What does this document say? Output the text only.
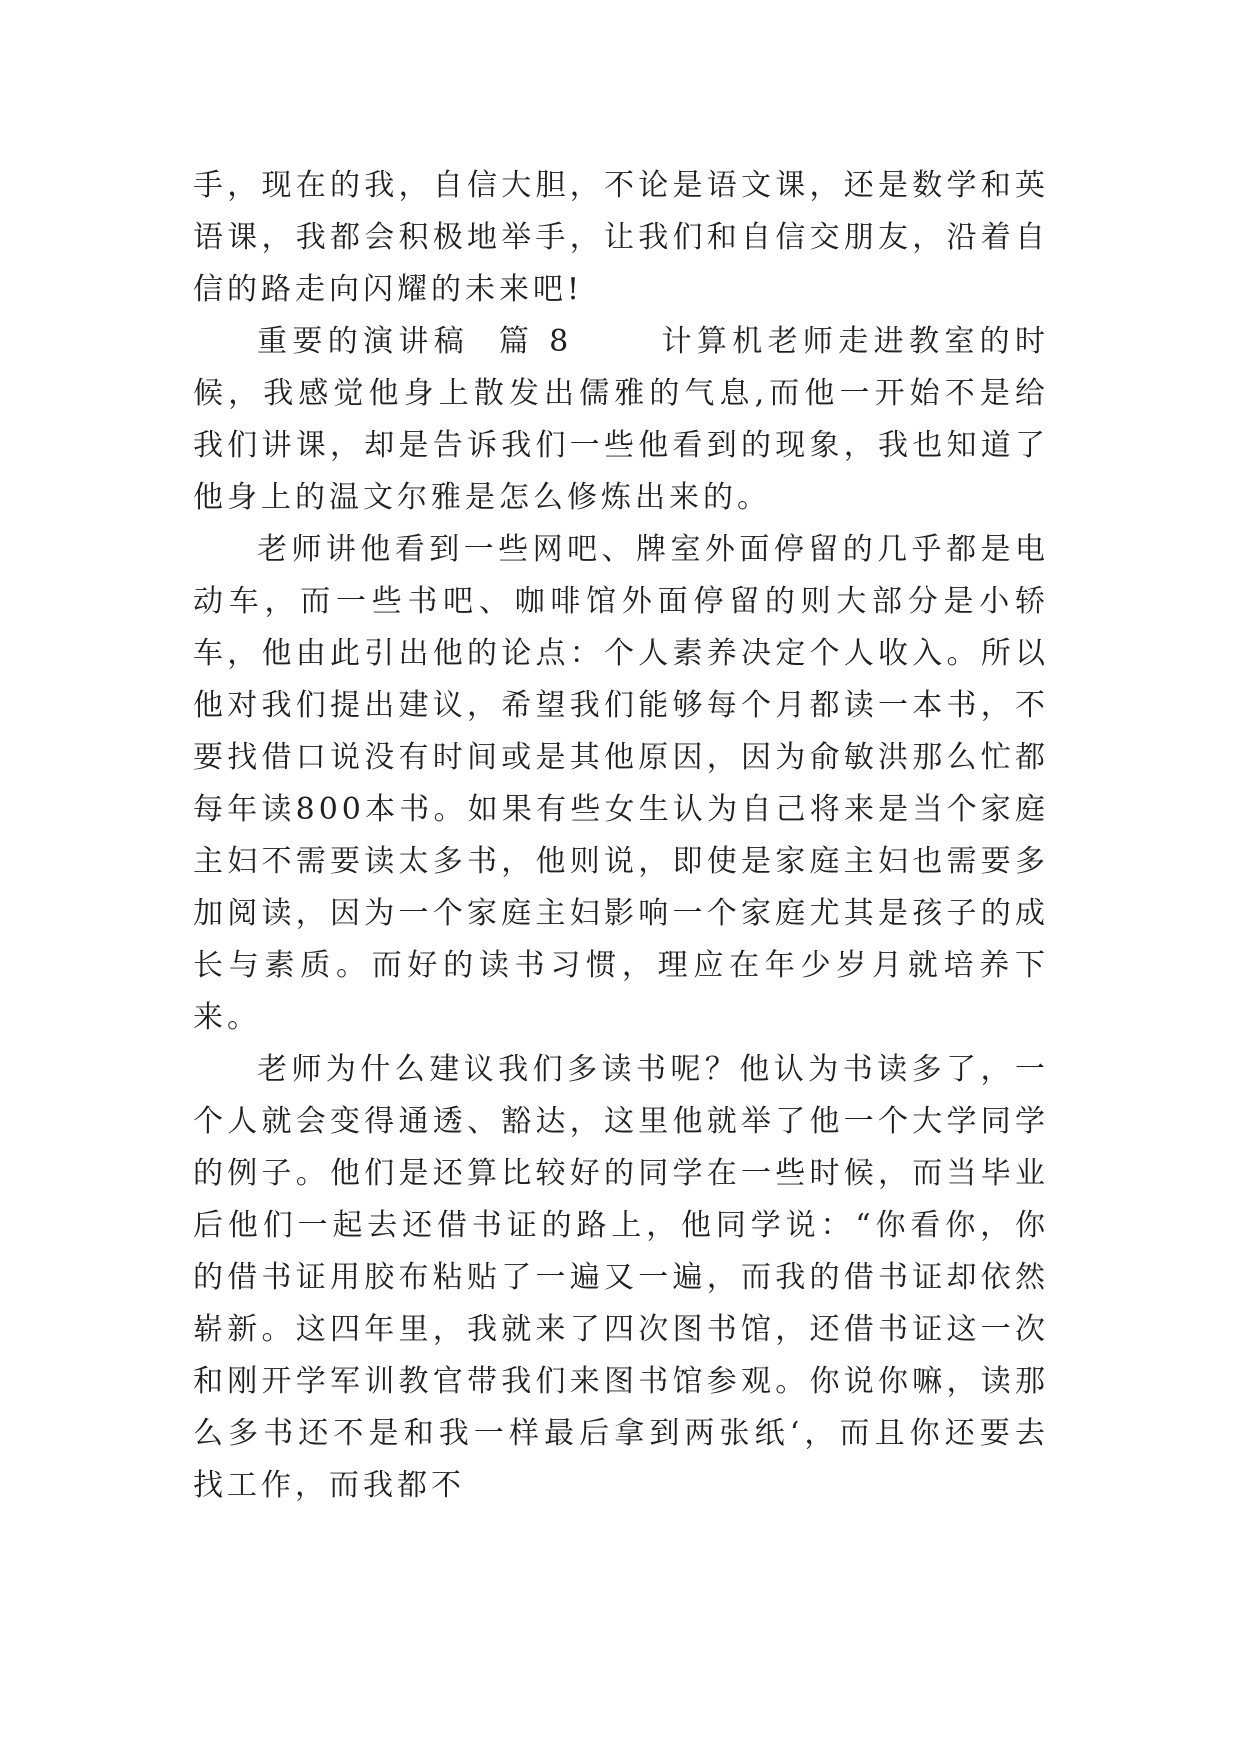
手，现在的我，自信大胆，不论是语文课，还是数学和英语课，我都会积极地举手，让我们和自信交朋友，沿着自信的路走向闪耀的未来吧!

重要的演讲稿 篇 8	计算机老师走进教室的时候，我感觉他身上散发出儒雅的气息,而他一开始不是给我们讲课，却是告诉我们一些他看到的现象，我也知道了他身上的温文尔雅是怎么修炼出来的。

老师讲他看到一些网吧、牌室外面停留的几乎都是电动车，而一些书吧、咖啡馆外面停留的则大部分是小轿车，他由此引出他的论点：个人素养决定个人收入。所以他对我们提出建议，希望我们能够每个月都读一本书，不要找借口说没有时间或是其他原因，因为俞敏洪那么忙都每年读800本书。如果有些女生认为自己将来是当个家庭主妇不需要读太多书，他则说，即使是家庭主妇也需要多加阅读，因为一个家庭主妇影响一个家庭尤其是孩子的成长与素质。而好的读书习惯，理应在年少岁月就培养下来。

老师为什么建议我们多读书呢？他认为书读多了，一个人就会变得通透、豁达，这里他就举了他一个大学同学的例子。他们是还算比较好的同学在一些时候，而当毕业后他们一起去还借书证的路上，他同学说：“你看你，你的借书证用胶布粘贴了一遍又一遍，而我的借书证却依然崭新。这四年里，我就来了四次图书馆，还借书证这一次和刚开学军训教官带我们来图书馆参观。你说你嘛，读那么多书还不是和我一样最后拿到两张纸‘，而且你还要去找工作，而我都不
